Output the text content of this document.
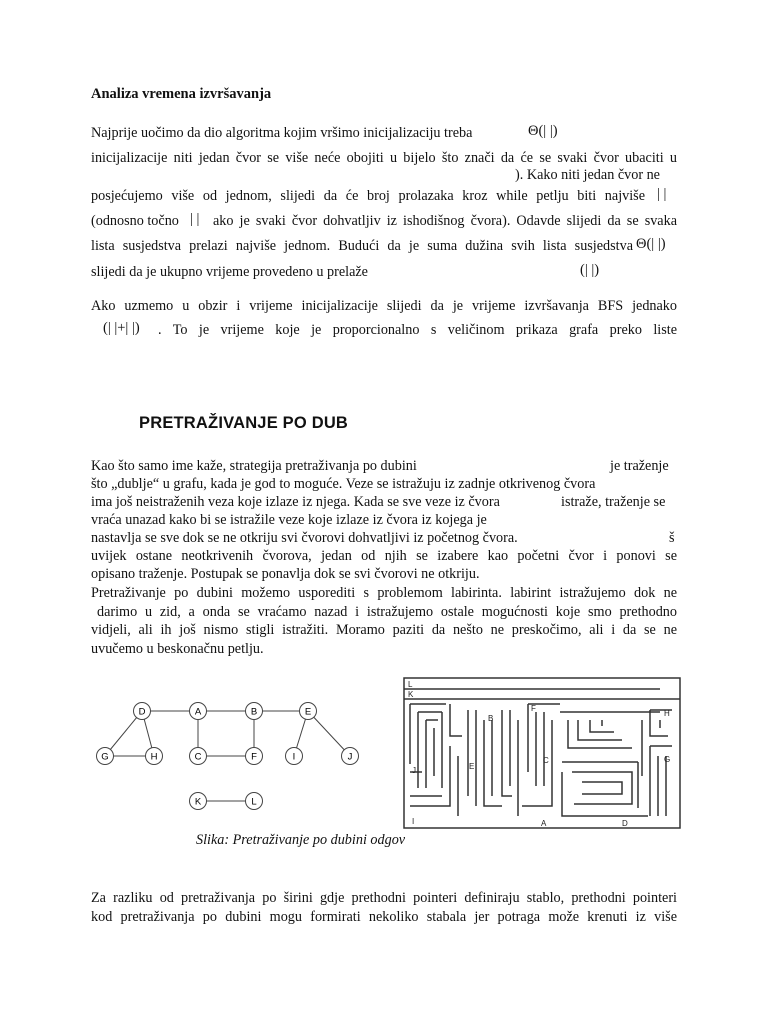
Analiza vremena izvršavanja
Najprije uočimo da dio algoritma kojim vršimo inicijalizaciju treba	Θ(| |)
inicijalizacije niti jedan čvor se više neće obojiti u bijelo što znači da će se svaki čvor ubaciti u
). Kako niti jedan čvor ne
posjećujemo više od jednom, slijedi da će broj prolazaka kroz while petlju biti najviše | |
(odnosno točno | | ako je svaki čvor dohvatljiv iz ishodišnog čvora). Odavde slijedi da se svaka
lista susjedstva prelazi najviše jednom. Budući da je suma dužina svih lista susjedstva Θ(| |)
slijedi da je ukupno vrijeme provedeno u prelaže	(| |)
Ako uzmemo u obzir i vrijeme inicijalizacije slijedi da je vrijeme izvršavanja BFS jednako
(| |+| |) . To je vrijeme koje je proporcionalno s veličinom prikaza grafa preko liste
PRETRAŽIVANJE PO DUB
Kao što samo ime kaže, strategija pretraživanja po dubini	je traženje
što „dublje“ u grafu, kada je god to moguće. Veze se istražuju iz zadnje otkrivenog čvora
ima još neistraženih veza koje izlaze iz njega. Kada se sve veze iz čvora	istraže, traženje se
vraća unazad kako bi se istražile veze koje izlaze iz čvora iz kojega je
nastavlja se sve dok se ne otkriju svi čvorovi dohvatljivi iz početnog čvora.	š
uvijek ostane neotkrivenih čvorova, jedan od njih se izabere kao početni čvor i ponovi se
opisano traženje. Postupak se ponavlja dok se svi čvorovi ne otkriju.
Pretraživanje po dubini možemo usporediti s problemom labirinta. labirint istražujemo dok ne
darimo u zid, a onda se vraćamo nazad i istražujemo ostale mogućnosti koje smo prethodno
vidjeli, ali ih još nismo stigli istražiti. Moramo paziti da nešto ne preskočimo, ali i da se ne
uvučemo u beskonačnu petlju.
D	A	B	E
G	H	C	F	I	J
K	L
L
K
B
F
H
J	E
C	G
I	A	D
Slika: Pretraživanje po dubini odgov
Za razliku od pretraživanja po širini gdje prethodni pointeri definiraju stablo, prethodni pointeri
kod pretraživanja po dubini mogu formirati nekoliko stabala jer potraga može krenuti iz više
